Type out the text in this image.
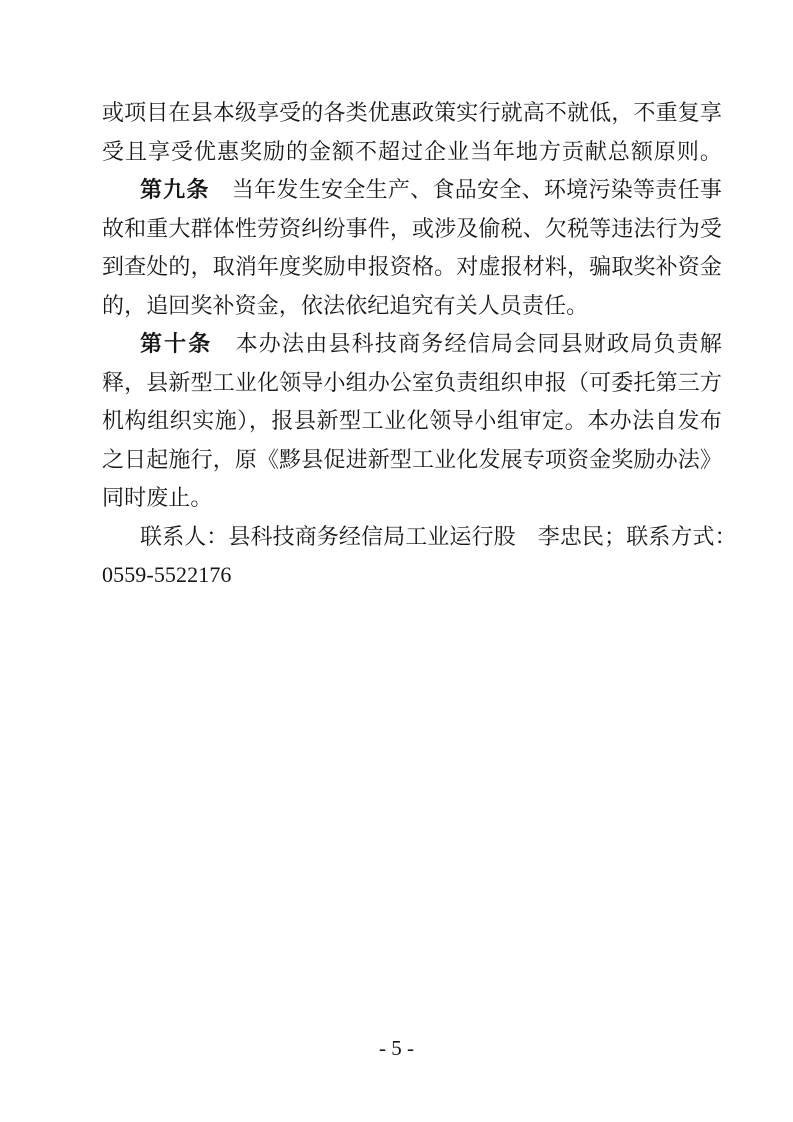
或项目在县本级享受的各类优惠政策实行就高不就低，不重复享
受且享受优惠奖励的金额不超过企业当年地方贡献总额原则。
第九条　当年发生安全生产、食品安全、环境污染等责任事
故和重大群体性劳资纠纷事件，或涉及偷税、欠税等违法行为受
到查处的，取消年度奖励申报资格。对虚报材料，骗取奖补资金
的，追回奖补资金，依法依纪追究有关人员责任。
第十条　本办法由县科技商务经信局会同县财政局负责解
释，县新型工业化领导小组办公室负责组织申报（可委托第三方
机构组织实施），报县新型工业化领导小组审定。本办法自发布
之日起施行，原《黟县促进新型工业化发展专项资金奖励办法》
同时废止。
联系人：县科技商务经信局工业运行股　李忠民；联系方式：
0559-5522176
- 5 -
